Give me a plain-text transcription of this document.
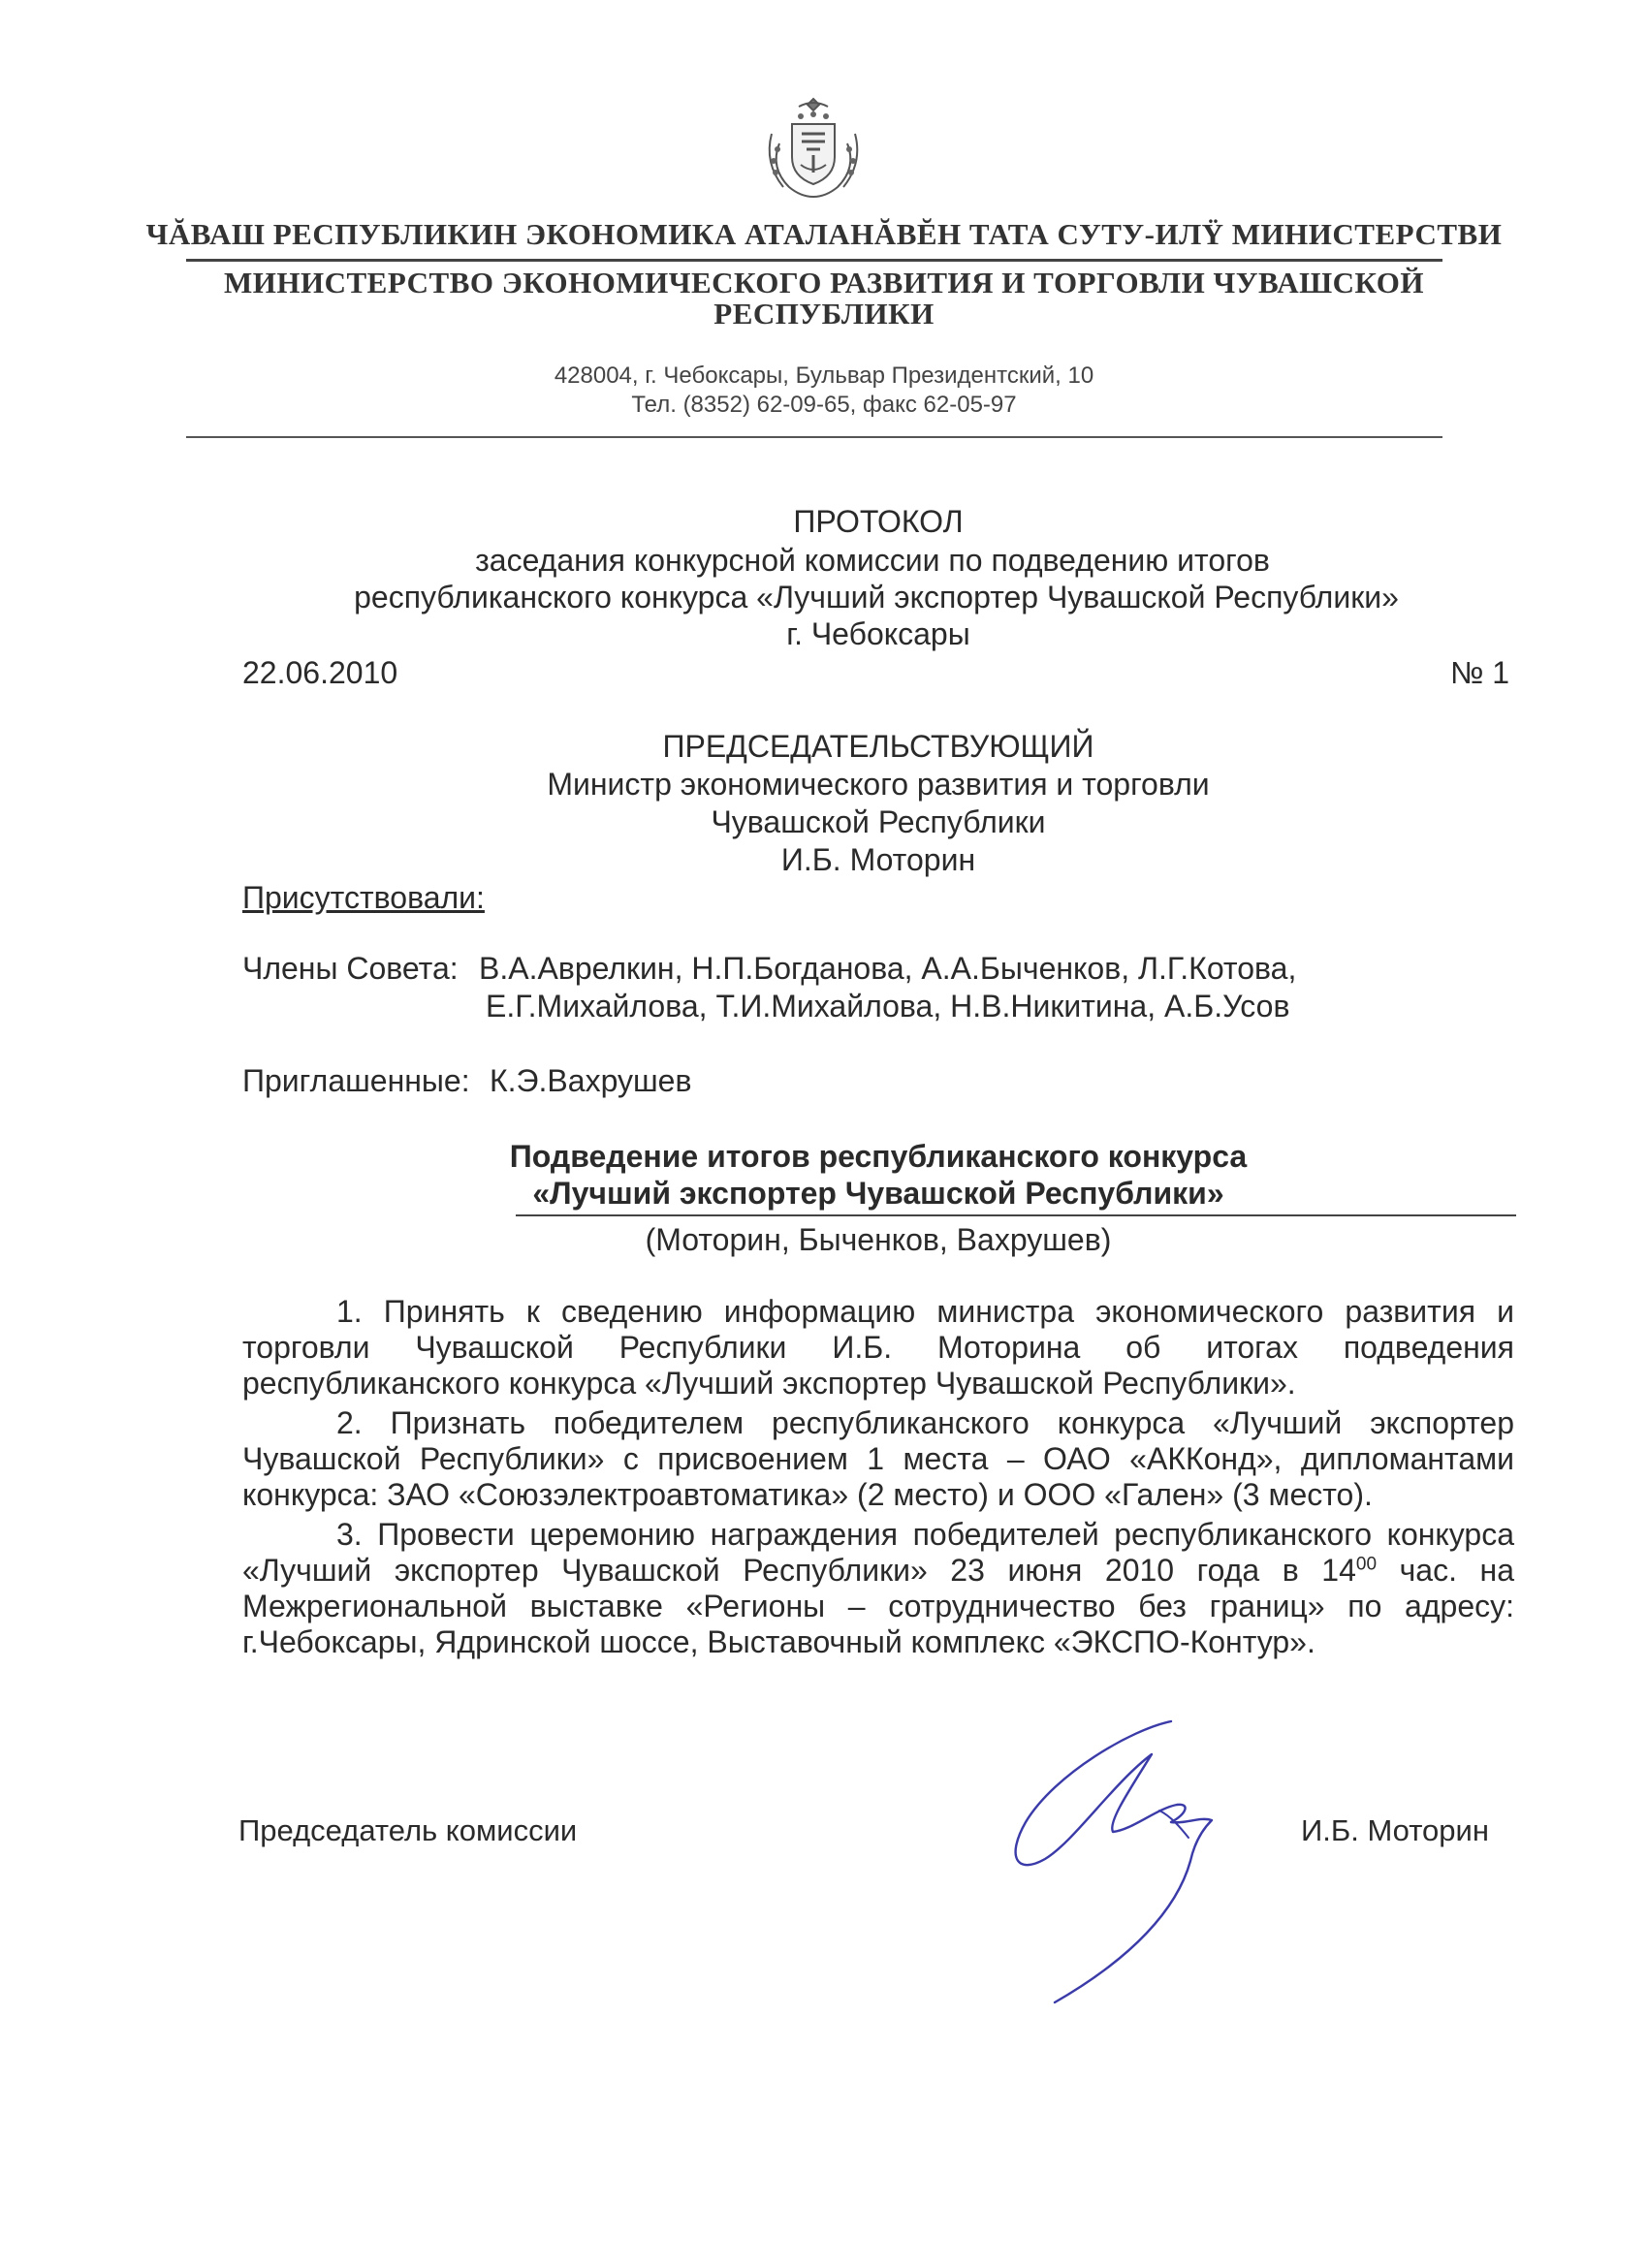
ЧĂВАШ РЕСПУБЛИКИН ЭКОНОМИКА АТАЛАНĂВĔН ТАТА СУТУ-ИЛŸ МИНИСТЕРСТВИ
МИНИСТЕРСТВО ЭКОНОМИЧЕСКОГО РАЗВИТИЯ И ТОРГОВЛИ ЧУВАШСКОЙ
РЕСПУБЛИКИ
428004, г. Чебоксары, Бульвар Президентский, 10
Тел. (8352) 62-09-65, факс 62-05-97
ПРОТОКОЛ
заседания конкурсной комиссии по подведению итогов
республиканского конкурса «Лучший экспортер Чувашской Республики»
г. Чебоксары
22.06.2010	№ 1
ПРЕДСЕДАТЕЛЬСТВУЮЩИЙ
Министр экономического развития и торговли
Чувашской Республики
И.Б. Моторин
Присутствовали:
Члены Совета: В.А.Аврелкин, Н.П.Богданова, А.А.Быченков, Л.Г.Котова,
Е.Г.Михайлова, Т.И.Михайлова, Н.В.Никитина, А.Б.Усов
Приглашенные: К.Э.Вахрушев
Подведение итогов республиканского конкурса
«Лучший экспортер Чувашской Республики»
(Моторин, Быченков, Вахрушев)
1. Принять к сведению информацию министра экономического развития и торговли Чувашской Республики И.Б. Моторина об итогах подведения республиканского конкурса «Лучший экспортер Чувашской Республики».
2. Признать победителем республиканского конкурса «Лучший экспортер Чувашской Республики» с присвоением 1 места – ОАО «АККонд», дипломантами конкурса: ЗАО «Союзэлектроавтоматика» (2 место) и ООО «Гален» (3 место).
3. Провести церемонию награждения победителей республиканского конкурса «Лучший экспортер Чувашской Республики» 23 июня 2010 года в $14^{00}$ час. на Межрегиональной выставке «Регионы – сотрудничество без границ» по адресу: г.Чебоксары, Ядринской шоссе, Выставочный комплекс «ЭКСПО-Контур».
Председатель комиссии	И.Б. Моторин
